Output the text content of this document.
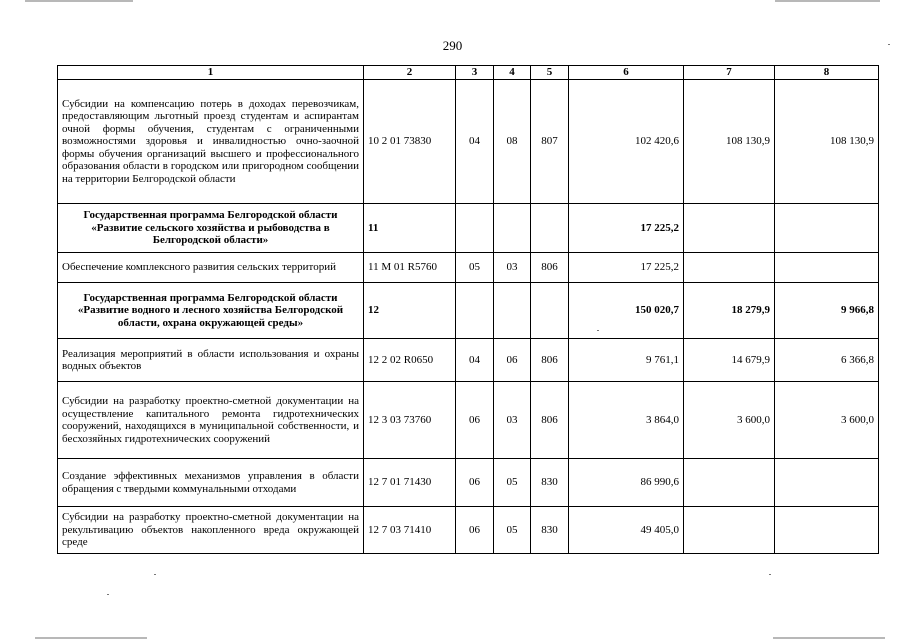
290
1	2	3	4	5	6	7	8
Субсидии на компенсацию потерь в доходах перевозчикам, предоставляющим льготный проезд студентам и аспирантам очной формы обучения, студентам с ограниченными возможностями здоровья и инвалидностью очно-заочной формы обучения организаций высшего и профессионального образования области в городском или пригородном сообщении на территории Белгородской области	10 2 01 73830	04	08	807	102 420,6	108 130,9	108 130,9
Государственная программа Белгородской области «Развитие сельского хозяйства и рыбоводства в Белгородской области»	11				17 225,2		
Обеспечение комплексного развития сельских территорий	11 М 01 R5760	05	03	806	17 225,2		
Государственная программа Белгородской области «Развитие водного и лесного хозяйства Белгородской области, охрана окружающей среды»	12				150 020,7	18 279,9	9 966,8
Реализация мероприятий в области использования и охраны водных объектов	12 2 02 R0650	04	06	806	9 761,1	14 679,9	6 366,8
Субсидии на разработку проектно-сметной документации на осуществление капитального ремонта гидротехнических сооружений, находящихся в муниципальной собственности, и бесхозяйных гидротехнических сооружений	12 3 03 73760	06	03	806	3 864,0	3 600,0	3 600,0
Создание эффективных механизмов управления в области обращения с твердыми коммунальными отходами	12 7 01 71430	06	05	830	86 990,6		
Субсидии на разработку проектно-сметной документации на рекультивацию объектов накопленного вреда окружающей среде	12 7 03 71410	06	05	830	49 405,0		
